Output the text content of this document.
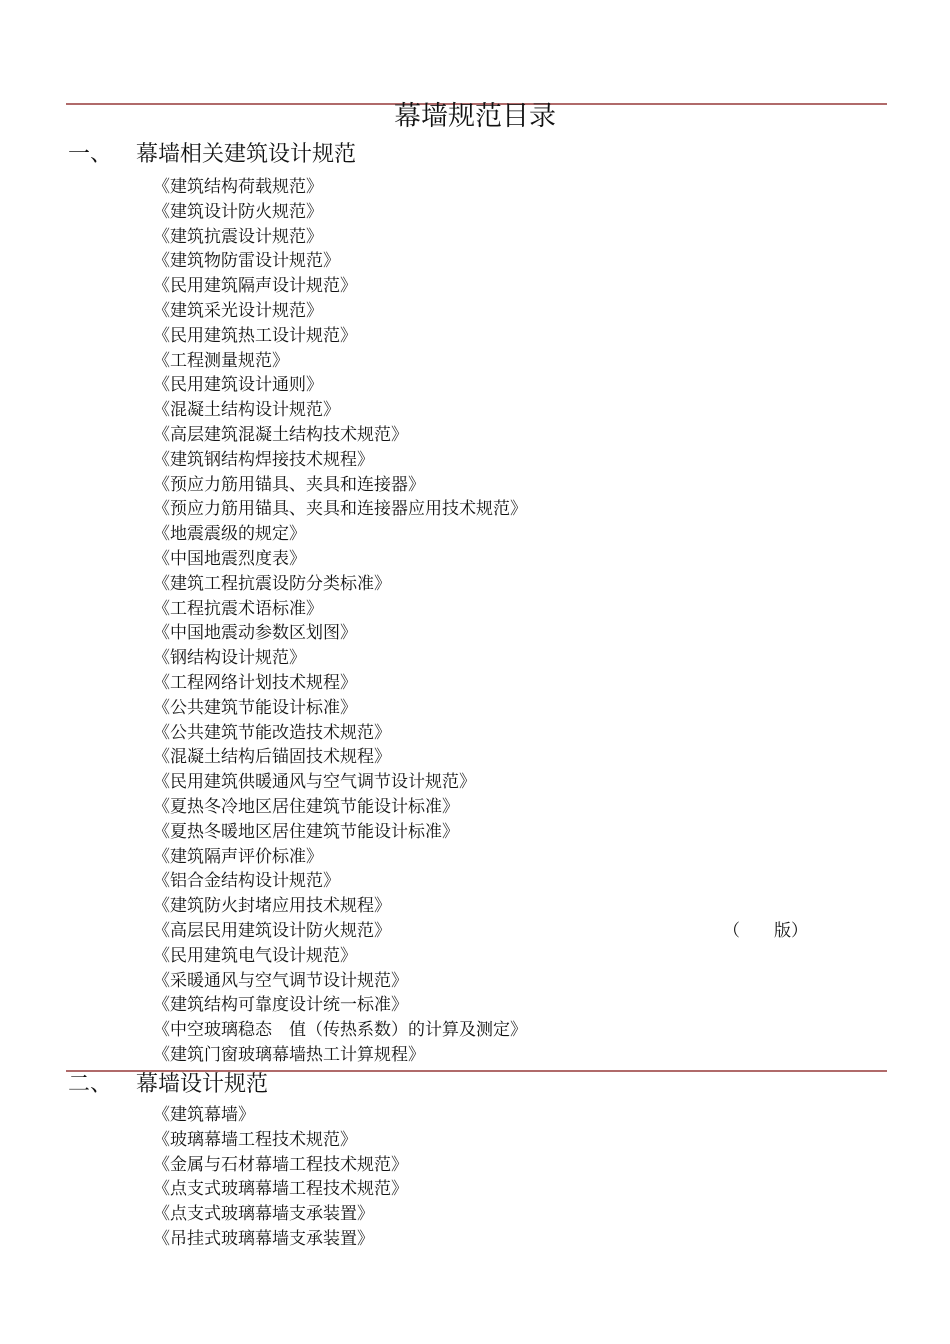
幕墙规范目录
一、 幕墙相关建筑设计规范
《建筑结构荷载规范》
《建筑设计防火规范》
《建筑抗震设计规范》
《建筑物防雷设计规范》
《民用建筑隔声设计规范》
《建筑采光设计规范》
《民用建筑热工设计规范》
《工程测量规范》
《民用建筑设计通则》
《混凝土结构设计规范》
《高层建筑混凝土结构技术规范》
《建筑钢结构焊接技术规程》
《预应力筋用锚具、夹具和连接器》
《预应力筋用锚具、夹具和连接器应用技术规范》
《地震震级的规定》
《中国地震烈度表》
《建筑工程抗震设防分类标准》
《工程抗震术语标准》
《中国地震动参数区划图》
《钢结构设计规范》
《工程网络计划技术规程》
《公共建筑节能设计标准》
《公共建筑节能改造技术规范》
《混凝土结构后锚固技术规程》
《民用建筑供暖通风与空气调节设计规范》
《夏热冬冷地区居住建筑节能设计标准》
《夏热冬暖地区居住建筑节能设计标准》
《建筑隔声评价标准》
《铝合金结构设计规范》
《建筑防火封堵应用技术规程》
《高层民用建筑设计防火规范》	（　　版）
《民用建筑电气设计规范》
《采暖通风与空气调节设计规范》
《建筑结构可靠度设计统一标准》
《中空玻璃稳态　值（传热系数）的计算及测定》
《建筑门窗玻璃幕墙热工计算规程》
二、 幕墙设计规范
《建筑幕墙》
《玻璃幕墙工程技术规范》
《金属与石材幕墙工程技术规范》
《点支式玻璃幕墙工程技术规范》
《点支式玻璃幕墙支承装置》
《吊挂式玻璃幕墙支承装置》
